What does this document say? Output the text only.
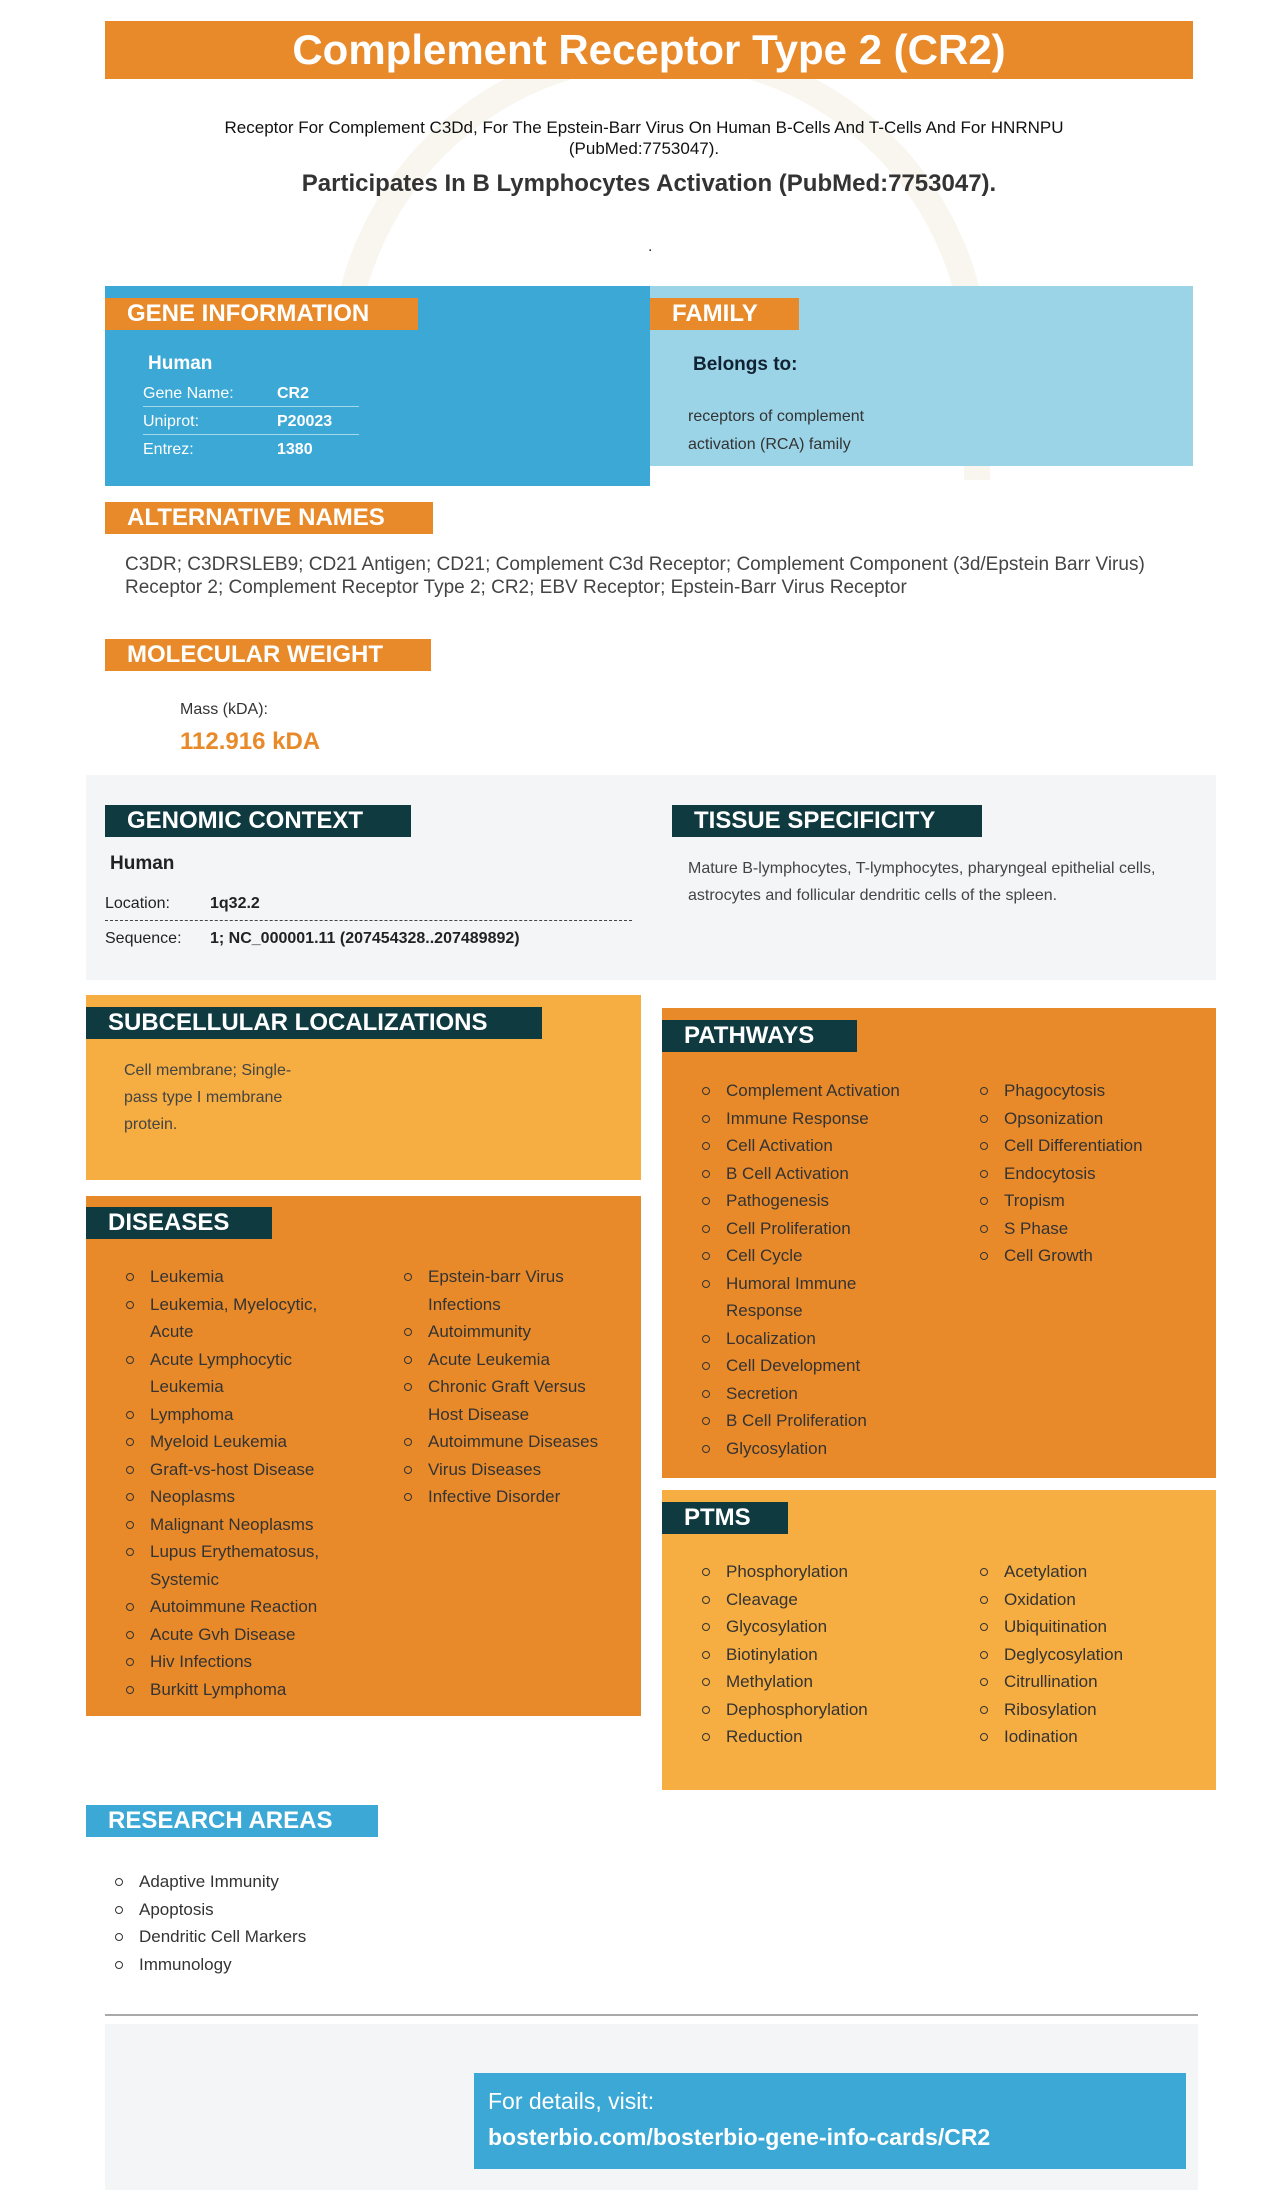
Complement Receptor Type 2 (CR2)
Receptor For Complement C3Dd, For The Epstein-Barr Virus On Human B-Cells And T-Cells And For HNRNPU (PubMed:7753047).
Participates In B Lymphocytes Activation (PubMed:7753047).
.
GENE INFORMATION
Human
Gene Name:	CR2
Uniprot:	P20023
Entrez:	1380
FAMILY
Belongs to:
receptors of complement activation (RCA) family
ALTERNATIVE NAMES
C3DR; C3DRSLEB9; CD21 Antigen; CD21; Complement C3d Receptor; Complement Component (3d/Epstein Barr Virus) Receptor 2; Complement Receptor Type 2; CR2; EBV Receptor; Epstein-Barr Virus Receptor
MOLECULAR WEIGHT
Mass (kDA):
112.916 kDA
GENOMIC CONTEXT
Human
Location:	1q32.2
Sequence: 1; NC_000001.11 (207454328..207489892)
TISSUE SPECIFICITY
Mature B-lymphocytes, T-lymphocytes, pharyngeal epithelial cells, astrocytes and follicular dendritic cells of the spleen.
SUBCELLULAR LOCALIZATIONS
Cell membrane; Single-pass type I membrane protein.
DISEASES
Leukemia
Leukemia, Myelocytic, Acute
Acute Lymphocytic Leukemia
Lymphoma
Myeloid Leukemia
Graft-vs-host Disease
Neoplasms
Malignant Neoplasms
Lupus Erythematosus, Systemic
Autoimmune Reaction
Acute Gvh Disease
Hiv Infections
Burkitt Lymphoma
Epstein-barr Virus Infections
Autoimmunity
Acute Leukemia
Chronic Graft Versus Host Disease
Autoimmune Diseases
Virus Diseases
Infective Disorder
PATHWAYS
Complement Activation
Immune Response
Cell Activation
B Cell Activation
Pathogenesis
Cell Proliferation
Cell Cycle
Humoral Immune Response
Localization
Cell Development
Secretion
B Cell Proliferation
Glycosylation
Phagocytosis
Opsonization
Cell Differentiation
Endocytosis
Tropism
S Phase
Cell Growth
PTMS
Phosphorylation
Cleavage
Glycosylation
Biotinylation
Methylation
Dephosphorylation
Reduction
Acetylation
Oxidation
Ubiquitination
Deglycosylation
Citrullination
Ribosylation
Iodination
RESEARCH AREAS
Adaptive Immunity
Apoptosis
Dendritic Cell Markers
Immunology
For details, visit:
bosterbio.com/bosterbio-gene-info-cards/CR2
